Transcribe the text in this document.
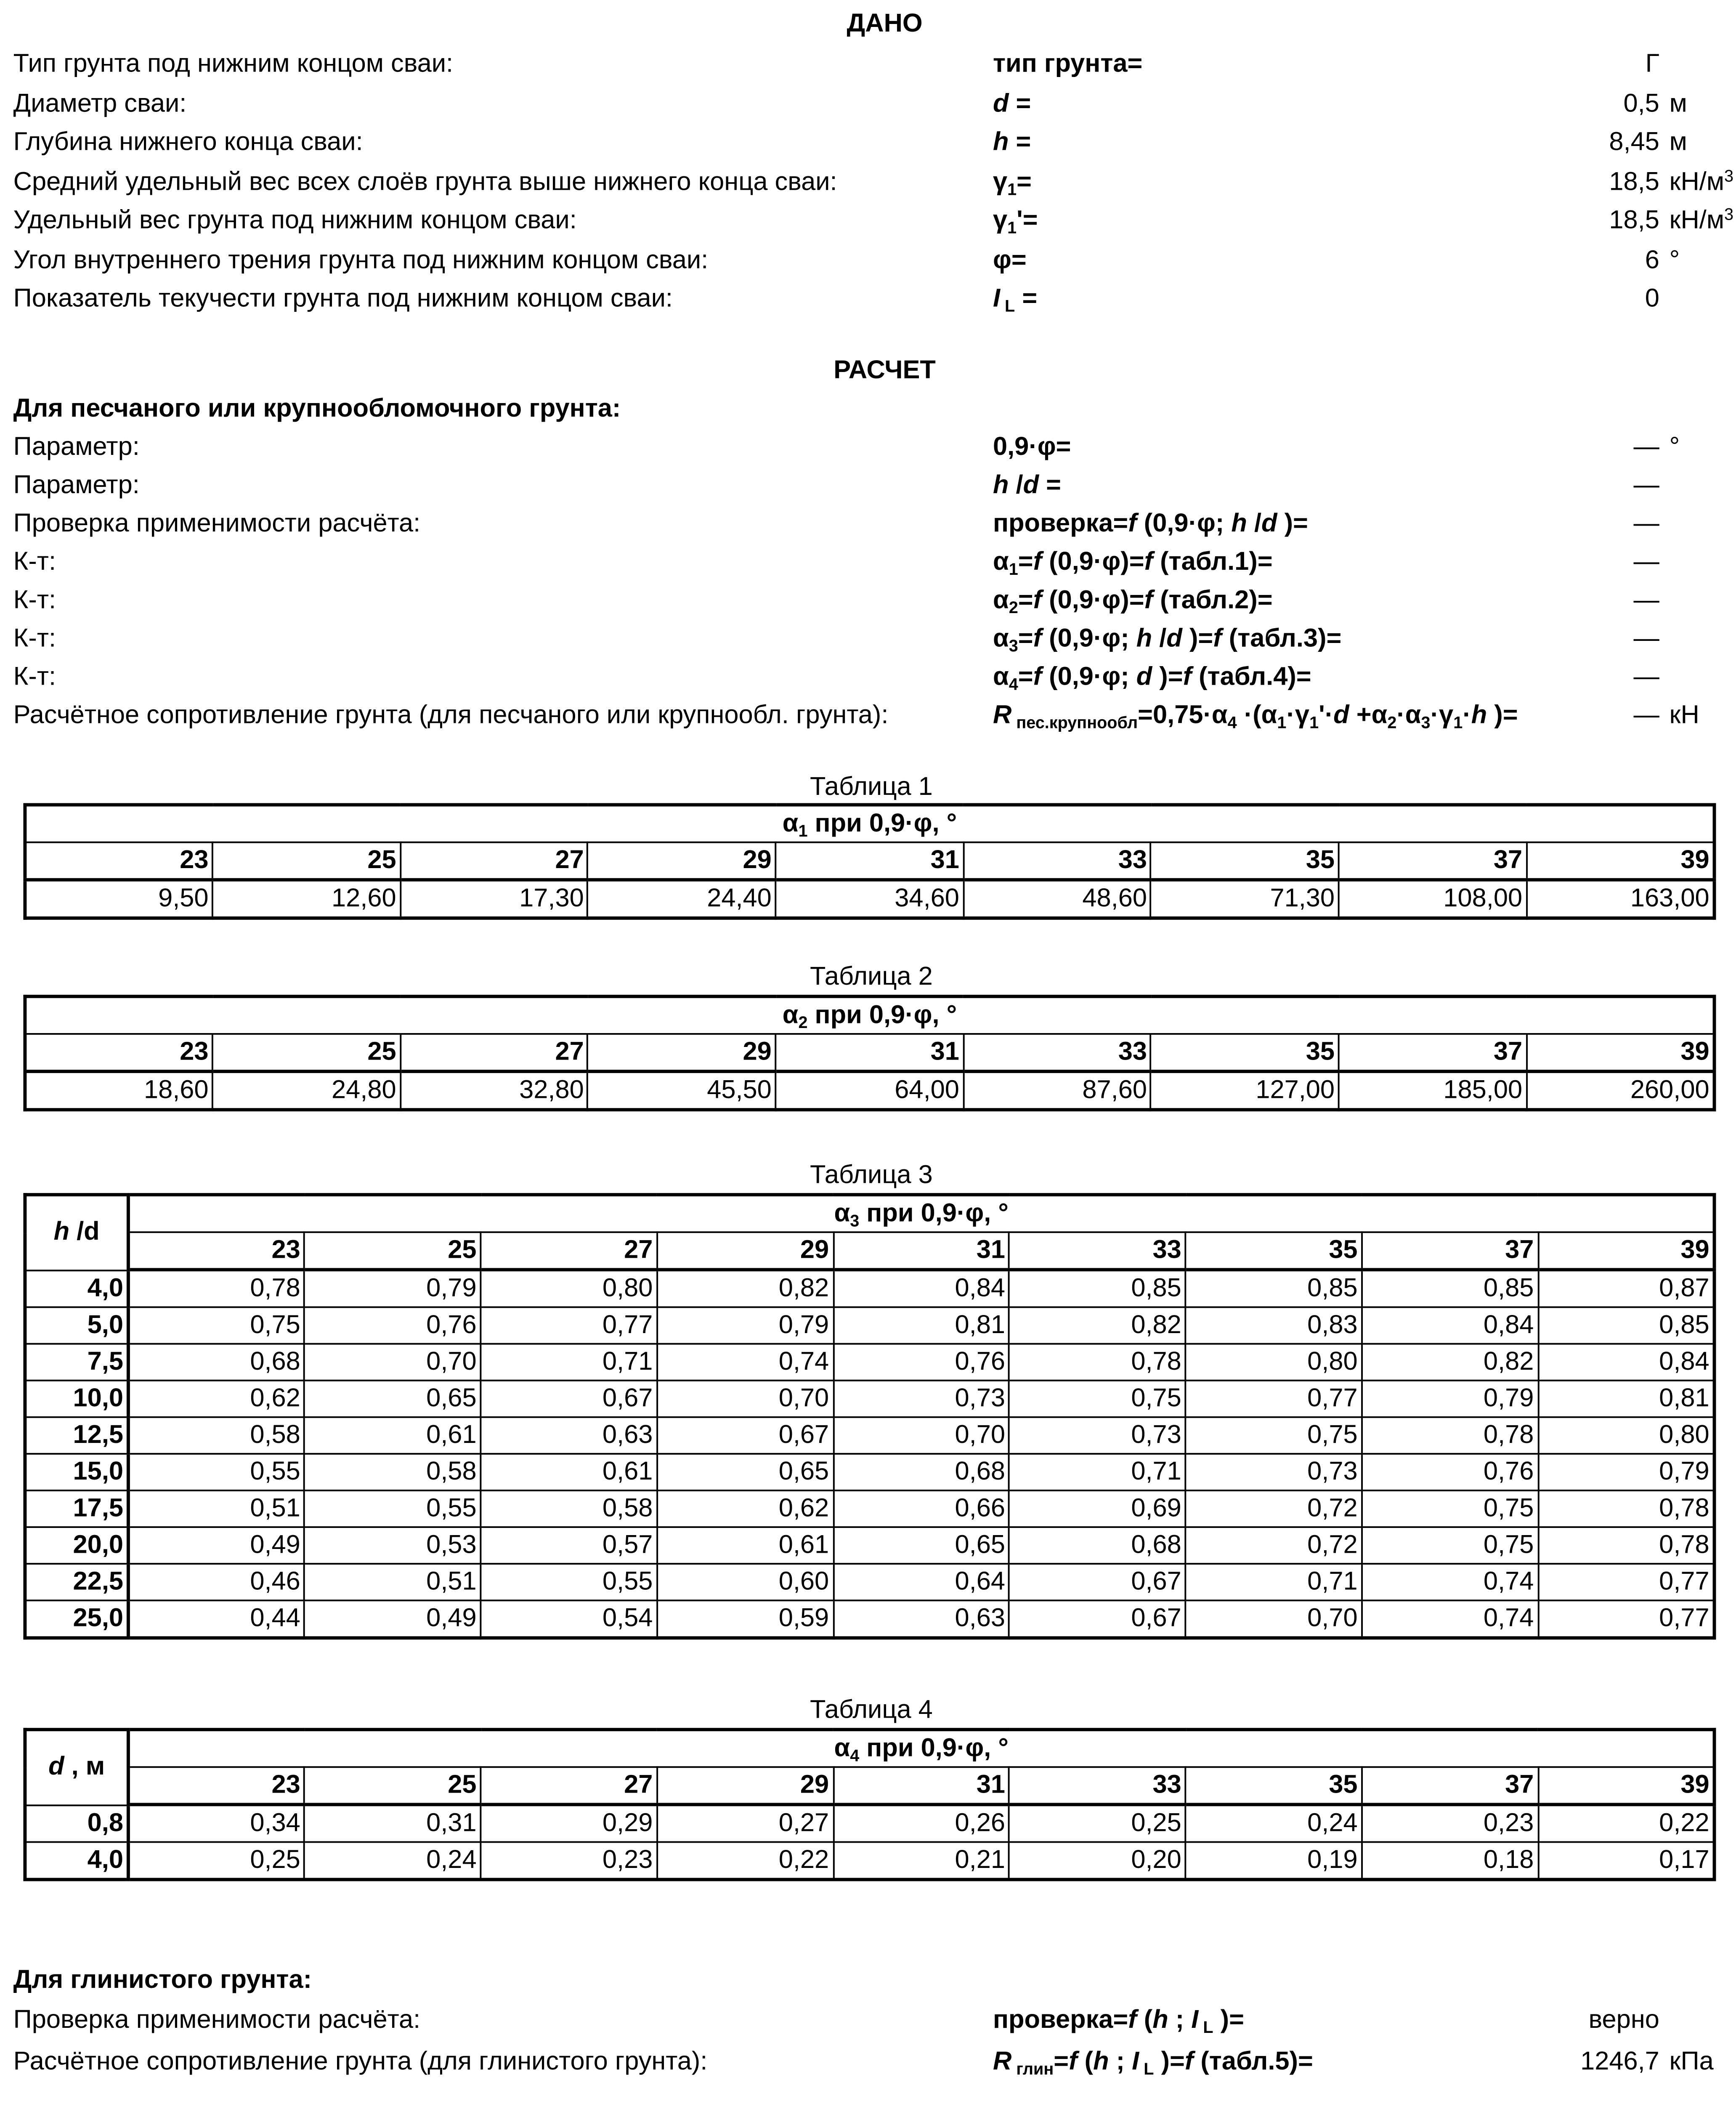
ДАНО
Тип грунта под нижним концом сваи:	тип грунта=	Г
Диаметр сваи:	d =	0,5 м
Глубина нижнего конца сваи:	h =	8,45 м
Средний удельный вес всех слоёв грунта выше нижнего конца сваи:	$\gamma_1=$	18,5 $кН/м^3$
Удельный вес грунта под нижним концом сваи:	$\gamma_1'=$	18,5 $кН/м^3$
Угол внутреннего трения грунта под нижним концом сваи:	φ=	6 °
Показатель текучести грунта под нижним концом сваи:	I $_L$ =	0
РАСЧЕТ
Для песчаного или крупнообломочного грунта:
Параметр:	0,9·φ=	— °
Параметр:	h /d =	—
Проверка применимости расчёта:	проверка=f (0,9·φ; h /d )=	—
К-т:	$\alpha_1=f$ (0,9·φ)=f (табл.1)=	—
К-т:	$\alpha_2=f$ (0,9·φ)=f (табл.2)=	—
К-т:	$\alpha_3=f$ (0,9·φ; h /d )=f (табл.3)=	—
К-т:	$\alpha_4=f$ (0,9·φ; d )=f (табл.4)=	—
Расчётное сопротивление грунта (для песчаного или крупнообл. грунта):	R $_{пес.крупнообл}=0,75\cdot\alpha_4 \cdot(\alpha_1\cdot\gamma_1'\cdot d +\alpha_2\cdot\alpha_3\cdot\gamma_1\cdot h$ )=	— кН
Таблица 1
$\alpha_1$ при 0,9·φ, °								
23	25	27	29	31	33	35	37	39
9,50	12,60	17,30	24,40	34,60	48,60	71,30	108,00	163,00
Таблица 2
$\alpha_2$ при 0,9·φ, °								
23	25	27	29	31	33	35	37	39
18,60	24,80	32,80	45,50	64,00	87,60	127,00	185,00	260,00
Таблица 3
h /d	$\alpha_3$ при 0,9·φ, °								
	23	25	27	29	31	33	35	37	39
4,0	0,78	0,79	0,80	0,82	0,84	0,85	0,85	0,85	0,87
5,0	0,75	0,76	0,77	0,79	0,81	0,82	0,83	0,84	0,85
7,5	0,68	0,70	0,71	0,74	0,76	0,78	0,80	0,82	0,84
10,0	0,62	0,65	0,67	0,70	0,73	0,75	0,77	0,79	0,81
12,5	0,58	0,61	0,63	0,67	0,70	0,73	0,75	0,78	0,80
15,0	0,55	0,58	0,61	0,65	0,68	0,71	0,73	0,76	0,79
17,5	0,51	0,55	0,58	0,62	0,66	0,69	0,72	0,75	0,78
20,0	0,49	0,53	0,57	0,61	0,65	0,68	0,72	0,75	0,78
22,5	0,46	0,51	0,55	0,60	0,64	0,67	0,71	0,74	0,77
25,0	0,44	0,49	0,54	0,59	0,63	0,67	0,70	0,74	0,77
Таблица 4
d , м	$\alpha_4$ при 0,9·φ, °								
	23	25	27	29	31	33	35	37	39
0,8	0,34	0,31	0,29	0,27	0,26	0,25	0,24	0,23	0,22
4,0	0,25	0,24	0,23	0,22	0,21	0,20	0,19	0,18	0,17
Для глинистого грунта:
Проверка применимости расчёта:	проверка=f (h ; I $_L$ )=	верно
Расчётное сопротивление грунта (для глинистого грунта):	R $_{глин}$=f (h ; I $_L$ )=f (табл.5)=	1246,7 кПа
